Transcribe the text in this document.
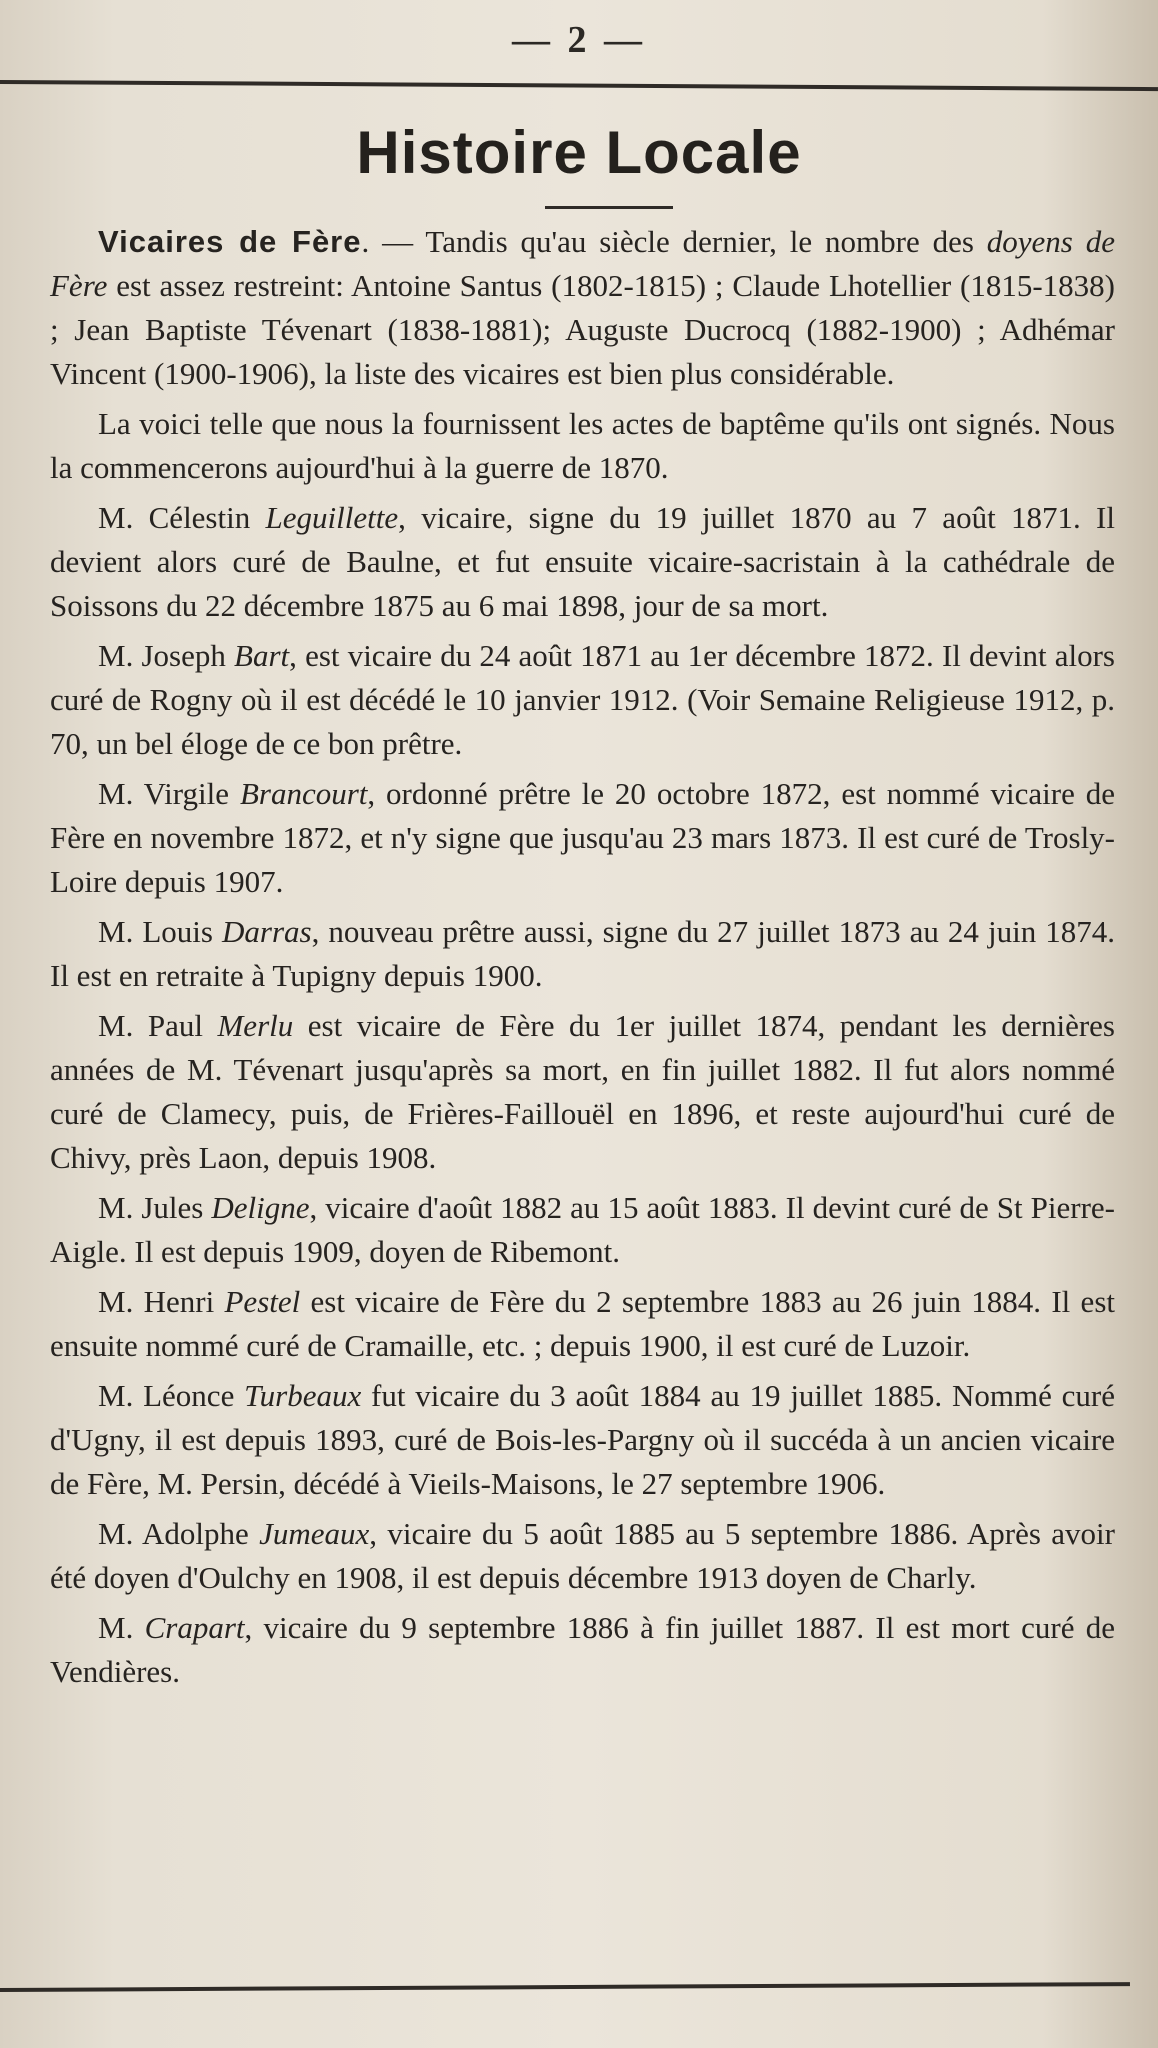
— 2 —
Histoire Locale

Vicaires de Fère. — Tandis qu'au siècle dernier, le nombre des doyens de Fère est assez restreint: Antoine Santus (1802-1815) ; Claude Lhotellier (1815-1838) ; Jean Baptiste Tévenart (1838-1881); Auguste Ducrocq (1882-1900) ; Adhémar Vincent (1900-1906), la liste des vicaires est bien plus considérable.

La voici telle que nous la fournissent les actes de baptême qu'ils ont signés. Nous la commencerons aujourd'hui à la guerre de 1870.

M. Célestin Leguillette, vicaire, signe du 19 juillet 1870 au 7 août 1871. Il devient alors curé de Baulne, et fut ensuite vicaire-sacristain à la cathédrale de Soissons du 22 décembre 1875 au 6 mai 1898, jour de sa mort.

M. Joseph Bart, est vicaire du 24 août 1871 au 1er décembre 1872. Il devint alors curé de Rogny où il est décédé le 10 janvier 1912. (Voir Semaine Religieuse 1912, p. 70, un bel éloge de ce bon prêtre.

M. Virgile Brancourt, ordonné prêtre le 20 octobre 1872, est nommé vicaire de Fère en novembre 1872, et n'y signe que jusqu'au 23 mars 1873. Il est curé de Trosly-Loire depuis 1907.

M. Louis Darras, nouveau prêtre aussi, signe du 27 juillet 1873 au 24 juin 1874. Il est en retraite à Tupigny depuis 1900.

M. Paul Merlu est vicaire de Fère du 1er juillet 1874, pendant les dernières années de M. Tévenart jusqu'après sa mort, en fin juillet 1882. Il fut alors nommé curé de Clamecy, puis, de Frières-Faillouël en 1896, et reste aujourd'hui curé de Chivy, près Laon, depuis 1908.

M. Jules Deligne, vicaire d'août 1882 au 15 août 1883. Il devint curé de St Pierre-Aigle. Il est depuis 1909, doyen de Ribemont.

M. Henri Pestel est vicaire de Fère du 2 septembre 1883 au 26 juin 1884. Il est ensuite nommé curé de Cramaille, etc. ; depuis 1900, il est curé de Luzoir.

M. Léonce Turbeaux fut vicaire du 3 août 1884 au 19 juillet 1885. Nommé curé d'Ugny, il est depuis 1893, curé de Bois-les-Pargny où il succéda à un ancien vicaire de Fère, M. Persin, décédé à Vieils-Maisons, le 27 septembre 1906.

M. Adolphe Jumeaux, vicaire du 5 août 1885 au 5 septembre 1886. Après avoir été doyen d'Oulchy en 1908, il est depuis décembre 1913 doyen de Charly.

M. Crapart, vicaire du 9 septembre 1886 à fin juillet 1887. Il est mort curé de Vendières.
